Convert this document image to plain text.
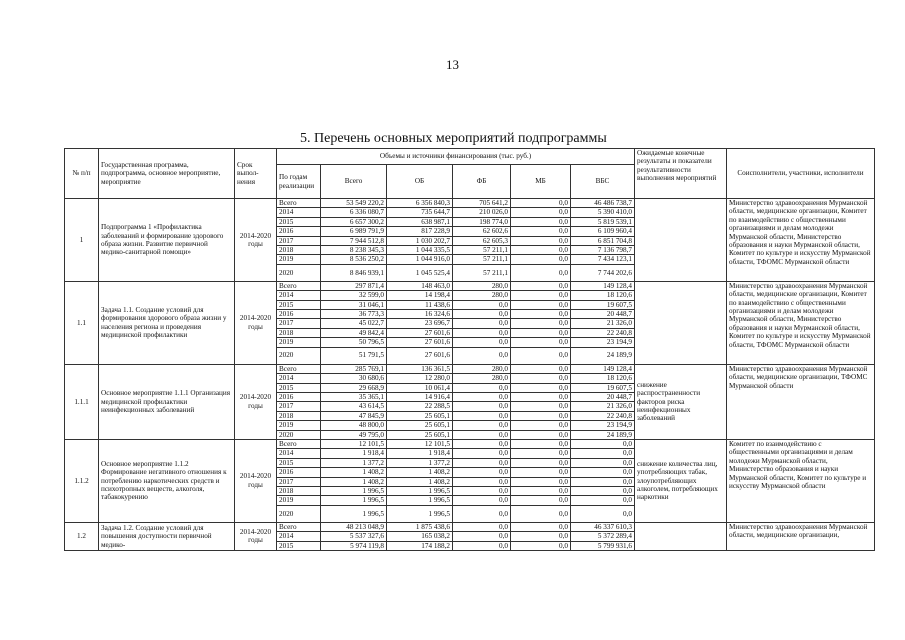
13
5. Перечень основных мероприятий подпрограммы
№ п/п	Государственная программа, подпрограмма, основное мероприятие, мероприятие	Срок выпол-нения	Объемы и источники финансирования (тыс. руб.)						Ожидаемые конечные результаты и показатели результативности выполнения мероприятий	Соисполнители, участники, исполнители
			По годам реализации	Всего	ОБ	ФБ	МБ	ВБС		
1	Подпрограмма 1 «Профилактика заболеваний и формирование здорового образа жизни. Развитие первичной медико-санитарной помощи»	2014-2020 годы	Всего	53 549 220,2	6 356 840,3	705 641,2	0,0	46 486 738,7		Министерство здравоохранения Мурманской области, медицинские организации, Комитет по взаимодействию с общественными организациями и делам молодежи Мурманской области, Министерство образования и науки Мурманской области, Комитет по культуре и искусству Мурманской области, ТФОМС Мурманской области
			2014	6 336 080,7	735 644,7	210 026,0	0,0	5 390 410,0		
			2015	6 657 300,2	638 987,1	198 774,0	0,0	5 819 539,1		
			2016	6 989 791,9	817 228,9	62 602,6	0,0	6 109 960,4		
			2017	7 944 512,8	1 030 202,7	62 605,3	0,0	6 851 704,8		
			2018	8 238 345,3	1 044 335,5	57 211,1	0,0	7 136 798,7		
			2019	8 536 250,2	1 044 916,0	57 211,1	0,0	7 434 123,1		
			2020	8 846 939,1	1 045 525,4	57 211,1	0,0	7 744 202,6		
1.1	Задача 1.1. Создание условий для формирования здорового образа жизни у населения региона и проведения медицинской профилактики	2014-2020 годы	Всего	297 871,4	148 463,0	280,0	0,0	149 128,4		Министерство здравоохранения Мурманской области, медицинские организации, Комитет по взаимодействию с общественными организациями и делам молодежи Мурманской области, Министерство образования и науки Мурманской области, Комитет по культуре и искусству Мурманской области, ТФОМС Мурманской области
			2014	32 599,0	14 198,4	280,0	0,0	18 120,6		
			2015	31 046,1	11 438,6	0,0	0,0	19 607,5		
			2016	36 773,3	16 324,6	0,0	0,0	20 448,7		
			2017	45 022,7	23 696,7	0,0	0,0	21 326,0		
			2018	49 842,4	27 601,6	0,0	0,0	22 240,8		
			2019	50 796,5	27 601,6	0,0	0,0	23 194,9		
			2020	51 791,5	27 601,6	0,0	0,0	24 189,9		
1.1.1	Основное мероприятие 1.1.1 Организация медицинской профилактики неинфекционных заболеваний	2014-2020 годы	Всего	285 769,1	136 361,5	280,0	0,0	149 128,4	снижение распространенности факторов риска неинфекционных заболеваний	Министерство здравоохранения Мурманской области, медицинские организации, ТФОМС Мурманской области
			2014	30 680,6	12 280,0	280,0	0,0	18 120,6		
			2015	29 668,9	10 061,4	0,0	0,0	19 607,5		
			2016	35 365,1	14 916,4	0,0	0,0	20 448,7		
			2017	43 614,5	22 288,5	0,0	0,0	21 326,0		
			2018	47 845,9	25 605,1	0,0	0,0	22 240,8		
			2019	48 800,0	25 605,1	0,0	0,0	23 194,9		
			2020	49 795,0	25 605,1	0,0	0,0	24 189,9		
1.1.2	Основное мероприятие 1.1.2 Формирование негативного отношения к потреблению наркотических средств и психотропных веществ, алкоголя, табакокурению	2014-2020 годы	Всего	12 101,5	12 101,5	0,0	0,0	0,0	снижение количества лиц, употребляющих табак, злоупотребляющих алкоголем, потребляющих наркотики	Комитет по взаимодействию с общественными организациями и делам молодежи Мурманской области, Министерство образования и науки Мурманской области, Комитет по культуре и искусству Мурманской области
			2014	1 918,4	1 918,4	0,0	0,0	0,0		
			2015	1 377,2	1 377,2	0,0	0,0	0,0		
			2016	1 408,2	1 408,2	0,0	0,0	0,0		
			2017	1 408,2	1 408,2	0,0	0,0	0,0		
			2018	1 996,5	1 996,5	0,0	0,0	0,0		
			2019	1 996,5	1 996,5	0,0	0,0	0,0		
			2020	1 996,5	1 996,5	0,0	0,0	0,0		
1.2	Задача 1.2. Создание условий для повышения доступности первичной медико-	2014-2020 годы	Всего	48 213 048,9	1 875 438,6	0,0	0,0	46 337 610,3		Министерство здравоохранения Мурманской области, медицинские организации,
			2014	5 537 327,6	165 038,2	0,0	0,0	5 372 289,4		
			2015	5 974 119,8	174 188,2	0,0	0,0	5 799 931,6		
